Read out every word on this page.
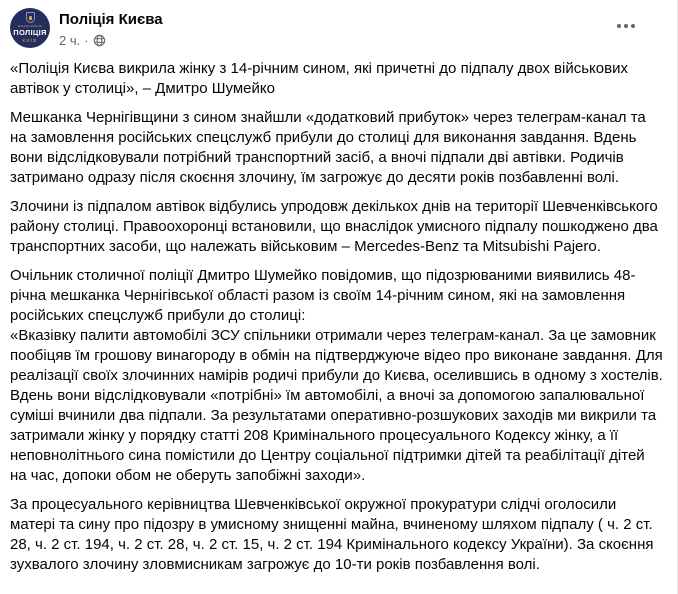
НАЦІОНАЛЬНА
ПОЛІЦІЯ
КИЇВ
Поліція Києва
2 ч. ·

«Поліція Києва викрила жінку з 14-річним сином, які причетні до підпалу двох військових автівок у столиці», – Дмитро Шумейко

Мешканка Чернігівщини з сином знайшли «додатковий прибуток» через телеграм-канал та на замовлення російських спецслужб прибули до столиці для виконання завдання. Вдень вони відслідковували потрібний транспортний засіб, а вночі підпали дві автівки. Родичів затримано одразу після скоєння злочину, їм загрожує до десяти років позбавленні волі.

Злочини із підпалом автівок відбулись упродовж декількох днів на території Шевченківського району столиці. Правоохоронці встановили, що внаслідок умисного підпалу пошкоджено два транспортних засоби, що належать військовим – Mercedes-Benz та Mitsubishi Pajero.

Очільник столичної поліції Дмитро Шумейко повідомив, що підозрюваними виявились 48-річна мешканка Чернігівської області разом із своїм 14-річним сином, які на замовлення російських спецслужб прибули до столиці:

«Вказівку палити автомобілі ЗСУ спільники отримали через телеграм-канал. За це замовник пообіцяв їм грошову винагороду в обмін на підтверджуюче відео про виконане завдання. Для реалізації своїх злочинних намірів родичі прибули до Києва, оселившись в одному з хостелів. Вдень вони відслідковували «потрібні» їм автомобілі, а вночі за допомогою запалювальної суміші вчинили два підпали. За результатами оперативно-розшукових заходів ми викрили та затримали жінку у порядку статті 208 Кримінального процесуального Кодексу жінку, а її неповнолітнього сина помістили до Центру соціальної підтримки дітей та реабілітації дітей на час, допоки обом не оберуть запобіжні заходи».

За процесуального керівництва Шевченківської окружної прокуратури слідчі оголосили матері та сину про підозру в умисному знищенні майна, вчиненому шляхом підпалу ( ч. 2 ст. 28, ч. 2 ст. 194, ч. 2 ст. 28, ч. 2 ст. 15, ч. 2 ст. 194 Кримінального кодексу України). За скоєння зухвалого злочину зловмисникам загрожує до 10-ти років позбавлення волі.
